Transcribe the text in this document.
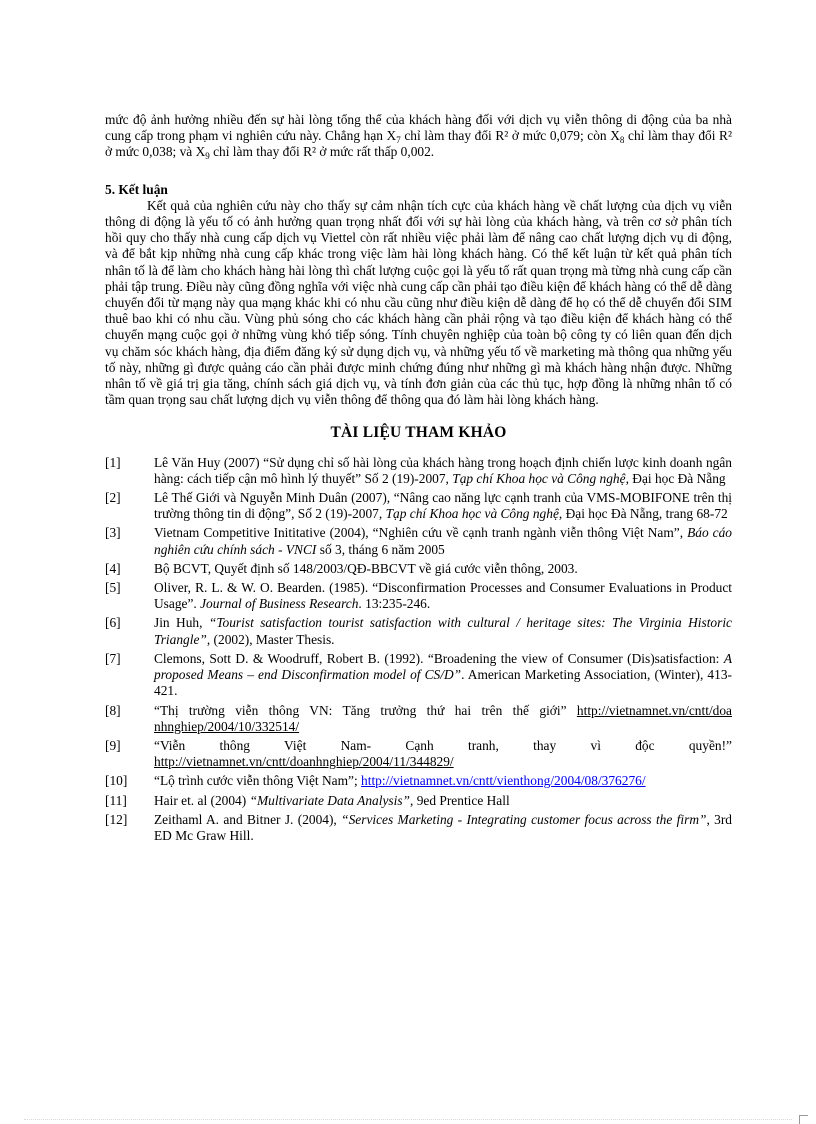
mức độ ảnh hưởng nhiều đến sự hài lòng tổng thể của khách hàng đối với dịch vụ viễn thông di động của ba nhà cung cấp trong phạm vi nghiên cứu này. Chẳng hạn $X_7$ chỉ làm thay đổi R² ở mức 0,079; còn $X_8$ chỉ làm thay đổi R² ở mức 0,038; và $X_9$ chỉ làm thay đổi R² ở mức rất thấp 0,002.

5. Kết luận

Kết quả của nghiên cứu này cho thấy sự cảm nhận tích cực của khách hàng về chất lượng của dịch vụ viễn thông di động là yếu tố có ảnh hưởng quan trọng nhất đối với sự hài lòng của khách hàng, và trên cơ sở phân tích hồi quy cho thấy nhà cung cấp dịch vụ Viettel còn rất nhiều việc phải làm để nâng cao chất lượng dịch vụ di động, và để bắt kịp những nhà cung cấp khác trong việc làm hài lòng khách hàng. Có thể kết luận từ kết quả phân tích nhân tố là để làm cho khách hàng hài lòng thì chất lượng cuộc gọi là yếu tố rất quan trọng mà từng nhà cung cấp cần phải tập trung. Điều này cũng đồng nghĩa với việc nhà cung cấp cần phải tạo điều kiện để khách hàng có thể dễ dàng chuyển đổi từ mạng này qua mạng khác khi có nhu cầu cũng như điều kiện dễ dàng để họ có thể dễ chuyển đổi SIM thuê bao khi có nhu cầu. Vùng phủ sóng cho các khách hàng cần phải rộng và tạo điều kiện để khách hàng có thể chuyển mạng cuộc gọi ở những vùng khó tiếp sóng. Tính chuyên nghiệp của toàn bộ công ty có liên quan đến dịch vụ chăm sóc khách hàng, địa điểm đăng ký sử dụng dịch vụ, và những yếu tố về marketing mà thông qua những yếu tố này, những gì được quảng cáo cần phải được minh chứng đúng như những gì mà khách hàng nhận được. Những nhân tố về giá trị gia tăng, chính sách giá dịch vụ, và tính đơn giản của các thủ tục, hợp đồng là những nhân tố có tầm quan trọng sau chất lượng dịch vụ viễn thông để thông qua đó làm hài lòng khách hàng.

TÀI LIỆU THAM KHẢO
[1]	Lê Văn Huy (2007) “Sử dụng chỉ số hài lòng của khách hàng trong hoạch định chiến lược kinh doanh ngân hàng: cách tiếp cận mô hình lý thuyết” Số 2 (19)-2007, Tạp chí Khoa học và Công nghệ, Đại học Đà Nẵng
[2]	Lê Thế Giới và Nguyễn Minh Duân (2007), “Nâng cao năng lực cạnh tranh của VMS-MOBIFONE trên thị trường thông tin di động”, Số 2 (19)-2007, Tạp chí Khoa học và Công nghệ, Đại học Đà Nẵng, trang 68-72
[3]	Vietnam Competitive Inititative (2004), “Nghiên cứu về cạnh tranh ngành viễn thông Việt Nam”, Báo cáo nghiên cứu chính sách - VNCI số 3, tháng 6 năm 2005
[4]	Bộ BCVT, Quyết định số 148/2003/QĐ-BBCVT về giá cước viễn thông, 2003.
[5]	Oliver, R. L. & W. O. Bearden. (1985). “Disconfirmation Processes and Consumer Evaluations in Product Usage”. Journal of Business Research. 13:235-246.
[6]	Jin Huh, “Tourist satisfaction tourist satisfaction with cultural / heritage sites: The Virginia Historic Triangle”, (2002), Master Thesis.
[7]	Clemons, Sott D. & Woodruff, Robert B. (1992). “Broadening the view of Consumer (Dis)satisfaction: A proposed Means – end Disconfirmation model of CS/D”. American Marketing Association, (Winter), 413-421.
[8]	“Thị trường viễn thông VN: Tăng trưởng thứ hai trên thế giới” http://vietnamnet.vn/cntt/doa nhnghiep/2004/10/332514/
[9]	“Viễn thông Việt Nam- Cạnh tranh, thay vì độc quyền!” http://vietnamnet.vn/cntt/doanhnghiep/2004/11/344829/
[10]	“Lộ trình cước viễn thông Việt Nam”; http://vietnamnet.vn/cntt/vienthong/2004/08/376276/
[11]	Hair et. al (2004) “Multivariate Data Analysis”, 9ed Prentice Hall
[12]	Zeithaml A. and Bitner J. (2004), “Services Marketing - Integrating customer focus across the firm”, 3rd ED Mc Graw Hill.
